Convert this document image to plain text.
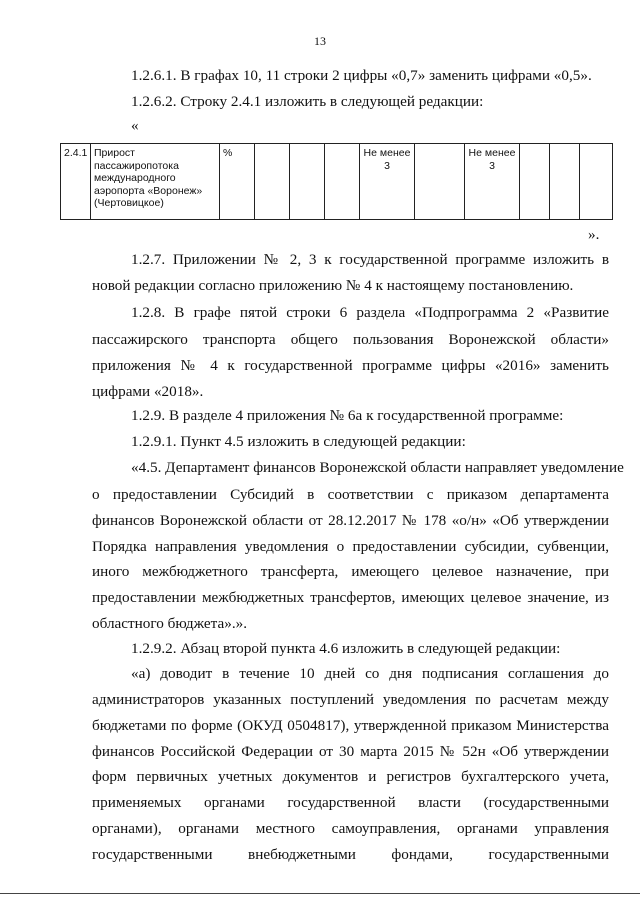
13
1.2.6.1. В графах 10, 11 строки 2 цифры «0,7» заменить цифрами «0,5».
1.2.6.2. Строку 2.4.1 изложить в следующей редакции:
«
2.4.1	Прирост пассажиропотока международного аэропорта «Воронеж» (Чертовицкое)	%				Не менее 3		Не менее 3			
».
1.2.7. Приложении № 2, 3 к государственной программе изложить в
новой редакции согласно приложению № 4 к настоящему постановлению.
1.2.8. В графе пятой строки 6 раздела «Подпрограмма 2 «Развитие
пассажирского транспорта общего пользования Воронежской области»
приложения № 4 к государственной программе цифры «2016» заменить
цифрами «2018».
1.2.9. В разделе 4 приложения № 6а к государственной программе:
1.2.9.1. Пункт 4.5 изложить в следующей редакции:
«4.5. Департамент финансов Воронежской области направляет уведомление
о предоставлении Субсидий в соответствии с приказом департамента
финансов Воронежской области от 28.12.2017 № 178 «о/н» «Об утверждении
Порядка направления уведомления о предоставлении субсидии, субвенции,
иного межбюджетного трансферта, имеющего целевое назначение, при
предоставлении межбюджетных трансфертов, имеющих целевое значение, из
областного бюджета».».
1.2.9.2. Абзац второй пункта 4.6 изложить в следующей редакции:
«а) доводит в течение 10 дней со дня подписания соглашения до
администраторов указанных поступлений уведомления по расчетам между
бюджетами по форме (ОКУД 0504817), утвержденной приказом Министерства
финансов Российской Федерации от 30 марта 2015 № 52н «Об утверждении
форм первичных учетных документов и регистров бухгалтерского учета,
применяемых органами государственной власти (государственными
органами), органами местного самоуправления, органами управления
государственными внебюджетными фондами, государственными
